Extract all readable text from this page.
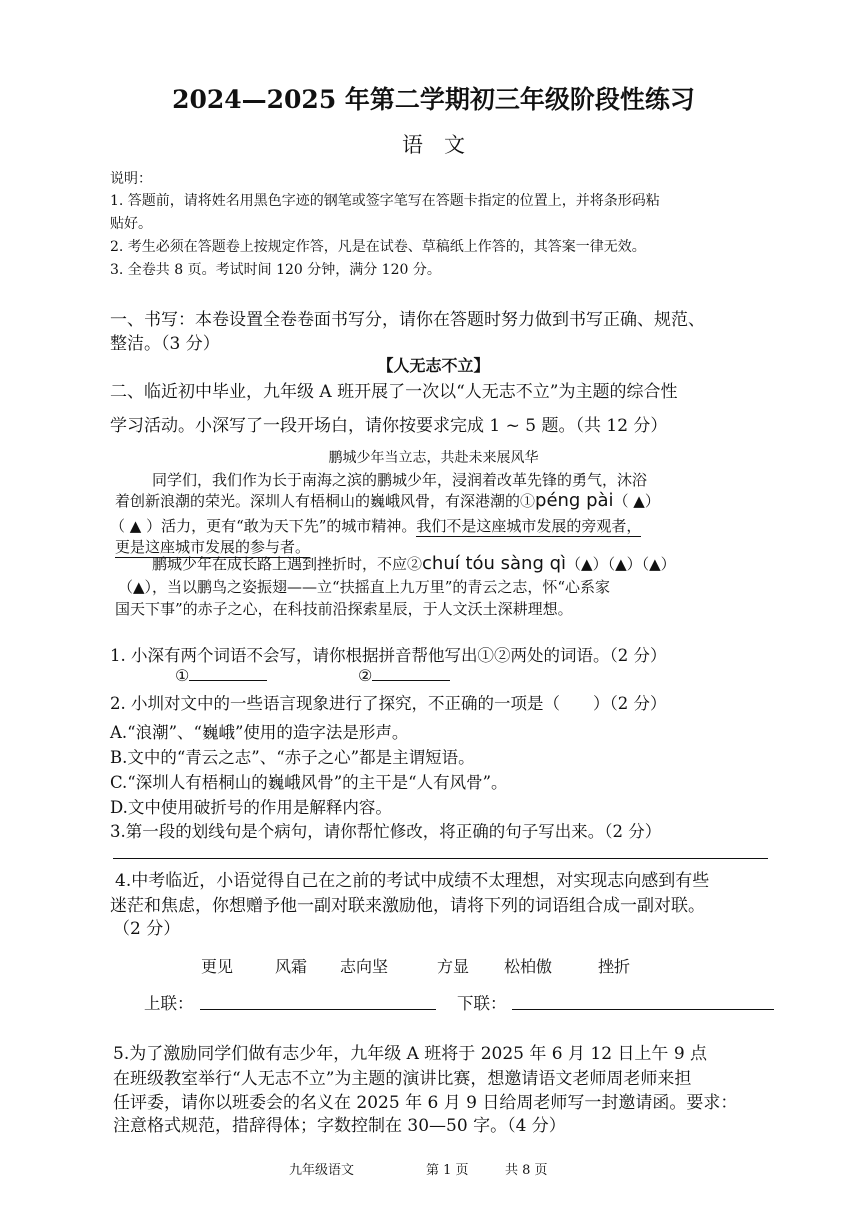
2024—2025 年第二学期初三年级阶段性练习
语　文
说明：
1. 答题前，请将姓名用黑色字迹的钢笔或签字笔写在答题卡指定的位置上，并将条形码粘
贴好。
2. 考生必须在答题卷上按规定作答，凡是在试卷、草稿纸上作答的，其答案一律无效。
3. 全卷共 8 页。考试时间 120 分钟，满分 120 分。
一、书写：本卷设置全卷卷面书写分，请你在答题时努力做到书写正确、规范、
整洁。（3 分）
【人无志不立】
二、临近初中毕业，九年级 A 班开展了一次以“人无志不立”为主题的综合性
学习活动。小深写了一段开场白，请你按要求完成 1 ~ 5 题。（共 12 分）
鹏城少年当立志，共赴未来展风华
同学们，我们作为长于南海之滨的鹏城少年，浸润着改革先锋的勇气，沐浴
着创新浪潮的荣光。深圳人有梧桐山的巍峨风骨，有深港潮的①péng pài（ ▲）
（ ▲ ）活力，更有“敢为天下先”的城市精神。我们不是这座城市发展的旁观者，
更是这座城市发展的参与者。
鹏城少年在成长路上遇到挫折时，不应②chuí tóu sàng qì（▲）（▲）（▲）
（▲），当以鹏鸟之姿振翅——立“扶摇直上九万里”的青云之志，怀“心系家
国天下事”的赤子之心，在科技前沿探索星辰，于人文沃土深耕理想。
1. 小深有两个词语不会写，请你根据拼音帮他写出①②两处的词语。（2 分）
①	②
2. 小圳对文中的一些语言现象进行了探究，不正确的一项是（　　）（2 分）
A.“浪潮”、“巍峨”使用的造字法是形声。
B.文中的“青云之志”、“赤子之心”都是主谓短语。
C.“深圳人有梧桐山的巍峨风骨”的主干是“人有风骨”。
D.文中使用破折号的作用是解释内容。
3.第一段的划线句是个病句，请你帮忙修改，将正确的句子写出来。（2 分）
4.中考临近，小语觉得自己在之前的考试中成绩不太理想，对实现志向感到有些
迷茫和焦虑，你想赠予他一副对联来激励他，请将下列的词语组合成一副对联。
（2 分）
更见	风霜 志向坚	方显 松柏傲	挫折
上联：	下联：
5.为了激励同学们做有志少年，九年级 A 班将于 2025 年 6 月 12 日上午 9 点
在班级教室举行“人无志不立”为主题的演讲比赛，想邀请语文老师周老师来担
任评委，请你以班委会的名义在 2025 年 6 月 9 日给周老师写一封邀请函。要求：
注意格式规范，措辞得体；字数控制在 30—50 字。（4 分）
九年级语文	第 1 页	共 8 页
